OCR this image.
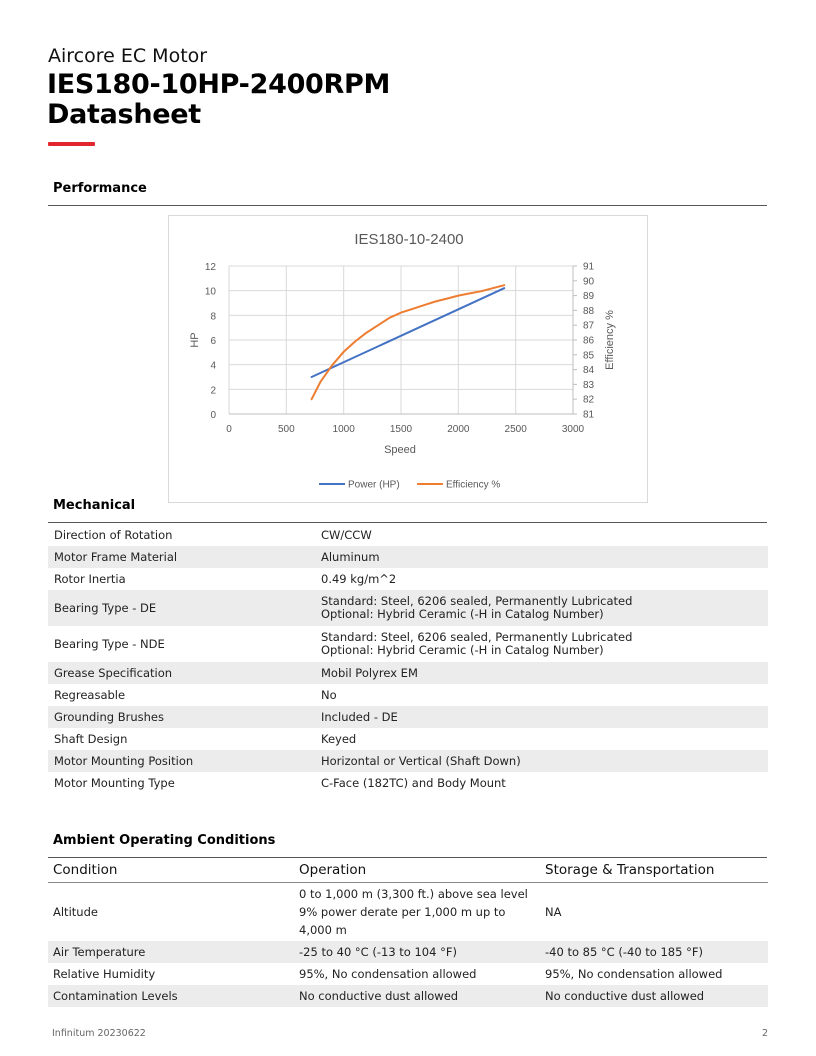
Aircore EC Motor
IES180-10HP-2400RPM
Datasheet
Performance
IES180-10-2400
0
2
4
6
8
10
12
0	500	1000	1500	2000	2500	3000
81
82
83
84
85
86
87
88
89
90
91
Speed
HP	Efficiency %
Power (HP)	Efficiency %
Mechanical
Direction of Rotation	CW/CCW
Motor Frame Material	Aluminum
Rotor Inertia	0.49 kg/m^2
Bearing Type - DE	Standard: Steel, 6206 sealed, Permanently Lubricated
Optional: Hybrid Ceramic (-H in Catalog Number)

Bearing Type - NDE	Standard: Steel, 6206 sealed, Permanently Lubricated
Optional: Hybrid Ceramic (-H in Catalog Number)

Grease Specification	Mobil Polyrex EM
Regreasable	No
Grounding Brushes	Included - DE
Shaft Design	Keyed
Motor Mounting Position	Horizontal or Vertical (Shaft Down)
Motor Mounting Type	C-Face (182TC) and Body Mount
Ambient Operating Conditions
Condition	Operation	Storage & Transportation
Altitude	0 to 1,000 m (3,300 ft.) above sea level 9% power derate per 1,000 m up to 4,000 m	NA
Air Temperature	-25 to 40 °C (-13 to 104 °F)	-40 to 85 °C (-40 to 185 °F)
Relative Humidity	95%, No condensation allowed	95%, No condensation allowed
Contamination Levels	No conductive dust allowed	No conductive dust allowed
Infinitum 20230622	2
